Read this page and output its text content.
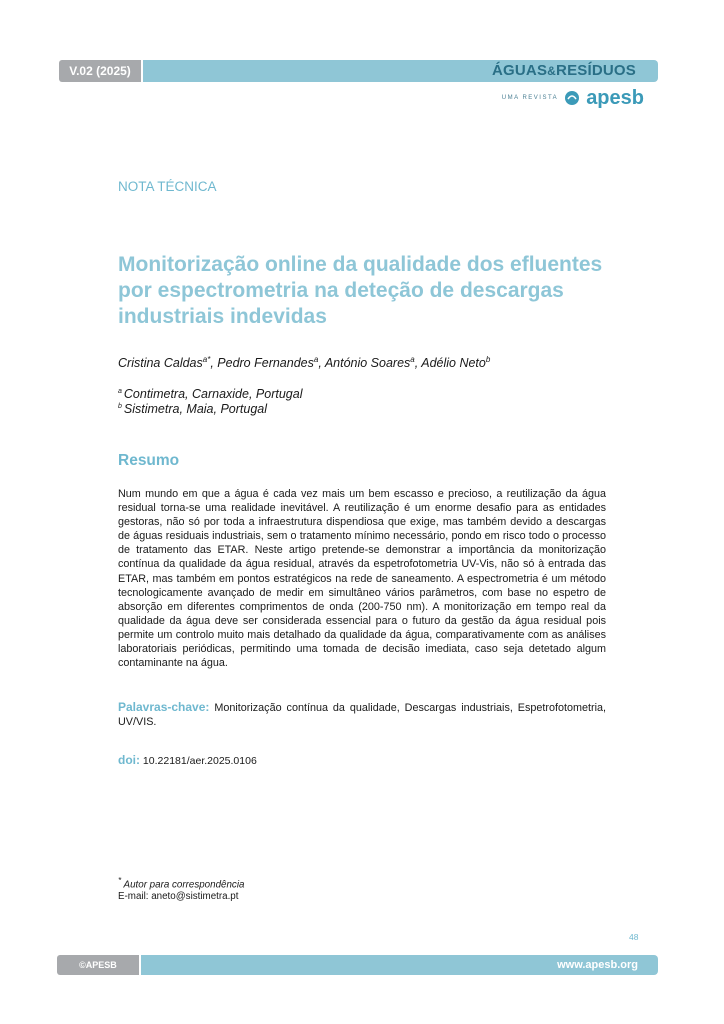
V.02 (2025)	ÁGUAS&RESÍDUOS
UMA REVISTA apesb
NOTA TÉCNICA
Monitorização online da qualidade dos efluentes por espectrometria na deteção de descargas industriais indevidas
Cristina Caldas$^{a*}$, Pedro Fernandes$^a$, António Soares$^a$, Adélio Neto$^b$
$^a$ Contimetra, Carnaxide, Portugal
$^b$ Sistimetra, Maia, Portugal
Resumo
Num mundo em que a água é cada vez mais um bem escasso e precioso, a reutilização da água residual torna-se uma realidade inevitável. A reutilização é um enorme desafio para as entidades gestoras, não só por toda a infraestrutura dispendiosa que exige, mas também devido a descargas de águas residuais industriais, sem o tratamento mínimo necessário, pondo em risco todo o processo de tratamento das ETAR. Neste artigo pretende-se demonstrar a importância da monitorização contínua da qualidade da água residual, através da espetrofotometria UV-Vis, não só à entrada das ETAR, mas também em pontos estratégicos na rede de saneamento. A espectrometria é um método tecnologicamente avançado de medir em simultâneo vários parâmetros, com base no espetro de absorção em diferentes comprimentos de onda (200-750 nm). A monitorização em tempo real da qualidade da água deve ser considerada essencial para o futuro da gestão da água residual pois permite um controlo muito mais detalhado da qualidade da água, comparativamente com as análises laboratoriais periódicas, permitindo uma tomada de decisão imediata, caso seja detetado algum contaminante na água.
Palavras-chave: Monitorização contínua da qualidade, Descargas industriais, Espetrofotometria, UV/VIS.
doi: 10.22181/aer.2025.0106
* Autor para correspondência
E-mail: aneto@sistimetra.pt
48
©APESB	www.apesb.org
